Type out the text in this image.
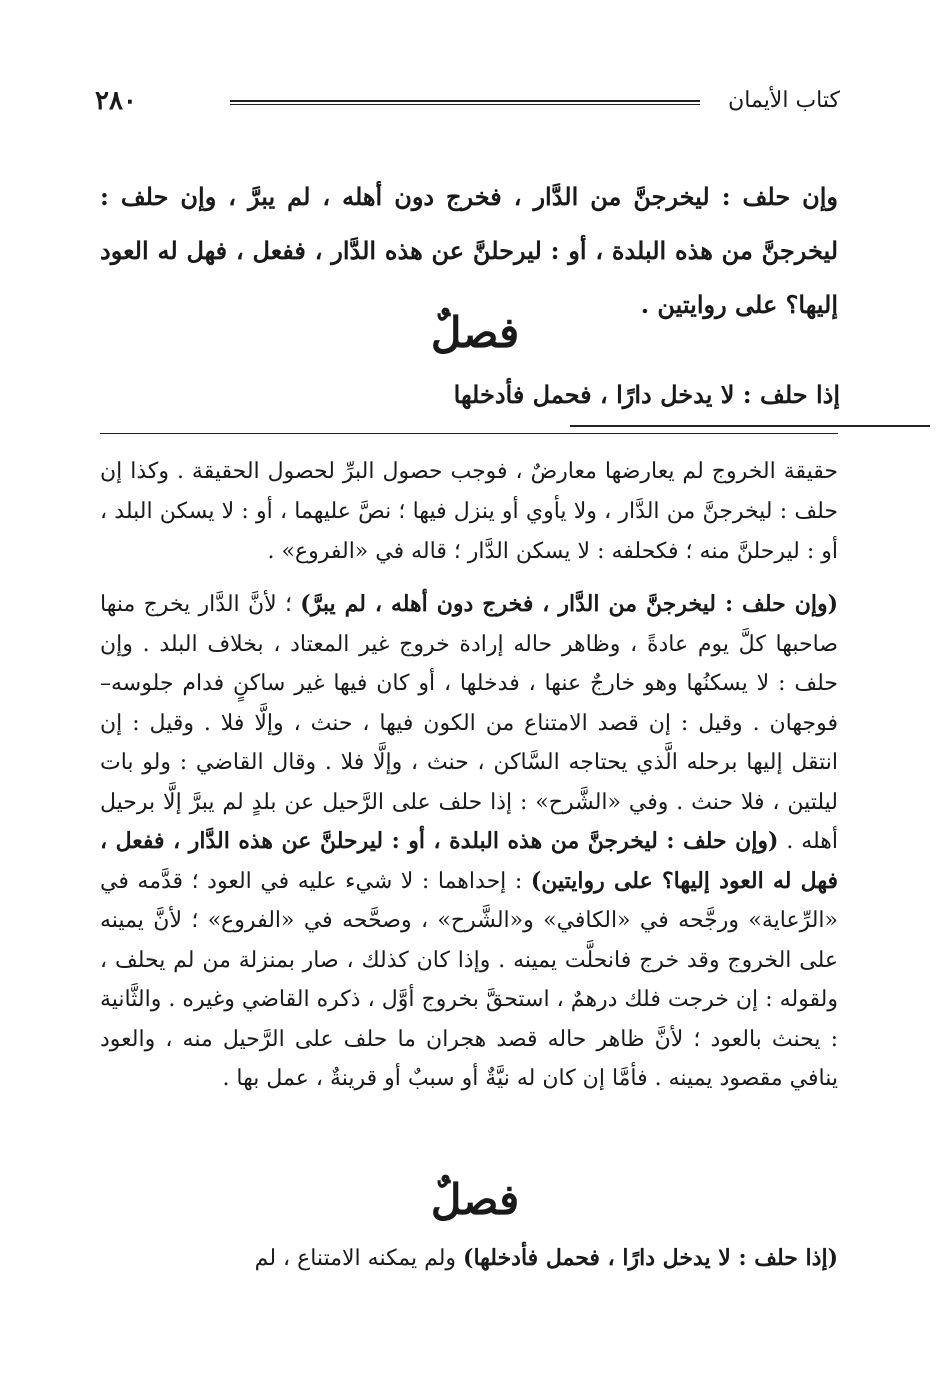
٢٨٠	كتاب الأيمان
وإن حلف : ليخرجنَّ من الدَّار ، فخرج دون أهله ، لم يبرَّ ، وإن حلف : ليخرجنَّ من هذه البلدة ، أو : ليرحلنَّ عن هذه الدَّار ، ففعل ، فهل له العود إليها؟ على روايتين .
فصلٌ
إذا حلف : لا يدخل دارًا ، فحمل فأدخلها
حقيقة الخروج لم يعارضها معارضٌ ، فوجب حصول البرِّ لحصول الحقيقة . وكذا إن حلف : ليخرجنَّ من الدَّار ، ولا يأوي أو ينزل فيها ؛ نصَّ عليهما ، أو : لا يسكن البلد ، أو : ليرحلنَّ منه ؛ فكحلفه : لا يسكن الدَّار ؛ قاله في «الفروع» .
(وإن حلف : ليخرجنَّ من الدَّار ، فخرج دون أهله ، لم يبرَّ) ؛ لأنَّ الدَّار يخرج منها صاحبها كلَّ يوم عادةً ، وظاهر حاله إرادة خروج غير المعتاد ، بخلاف البلد . وإن حلف : لا يسكنُها وهو خارجٌ عنها ، فدخلها ، أو كان فيها غير ساكنٍ فدام جلوسه– فوجهان . وقيل : إن قصد الامتناع من الكون فيها ، حنث ، وإلَّا فلا . وقيل : إن انتقل إليها برحله الَّذي يحتاجه السَّاكن ، حنث ، وإلَّا فلا . وقال القاضي : ولو بات ليلتين ، فلا حنث . وفي «الشَّرح» : إذا حلف على الرَّحيل عن بلدٍ لم يبرَّ إلَّا برحيل أهله . (وإن حلف : ليخرجنَّ من هذه البلدة ، أو : ليرحلنَّ عن هذه الدَّار ، ففعل ، فهل له العود إليها؟ على روايتين) : إحداهما : لا شيء عليه في العود ؛ قدَّمه في «الرِّعاية» ورجَّحه في «الكافي» و«الشَّرح» ، وصحَّحه في «الفروع» ؛ لأنَّ يمينه على الخروج وقد خرج فانحلَّت يمينه . وإذا كان كذلك ، صار بمنزلة من لم يحلف ، ولقوله : إن خرجت فلك درهمٌ ، استحقَّ بخروج أوَّل ، ذكره القاضي وغيره . والثَّانية : يحنث بالعود ؛ لأنَّ ظاهر حاله قصد هجران ما حلف على الرَّحيل منه ، والعود ينافي مقصود يمينه . فأمَّا إن كان له نيَّةٌ أو سببٌ أو قرينةٌ ، عمل بها .
فصلٌ
(إذا حلف : لا يدخل دارًا ، فحمل فأدخلها) ولم يمكنه الامتناع ، لم
